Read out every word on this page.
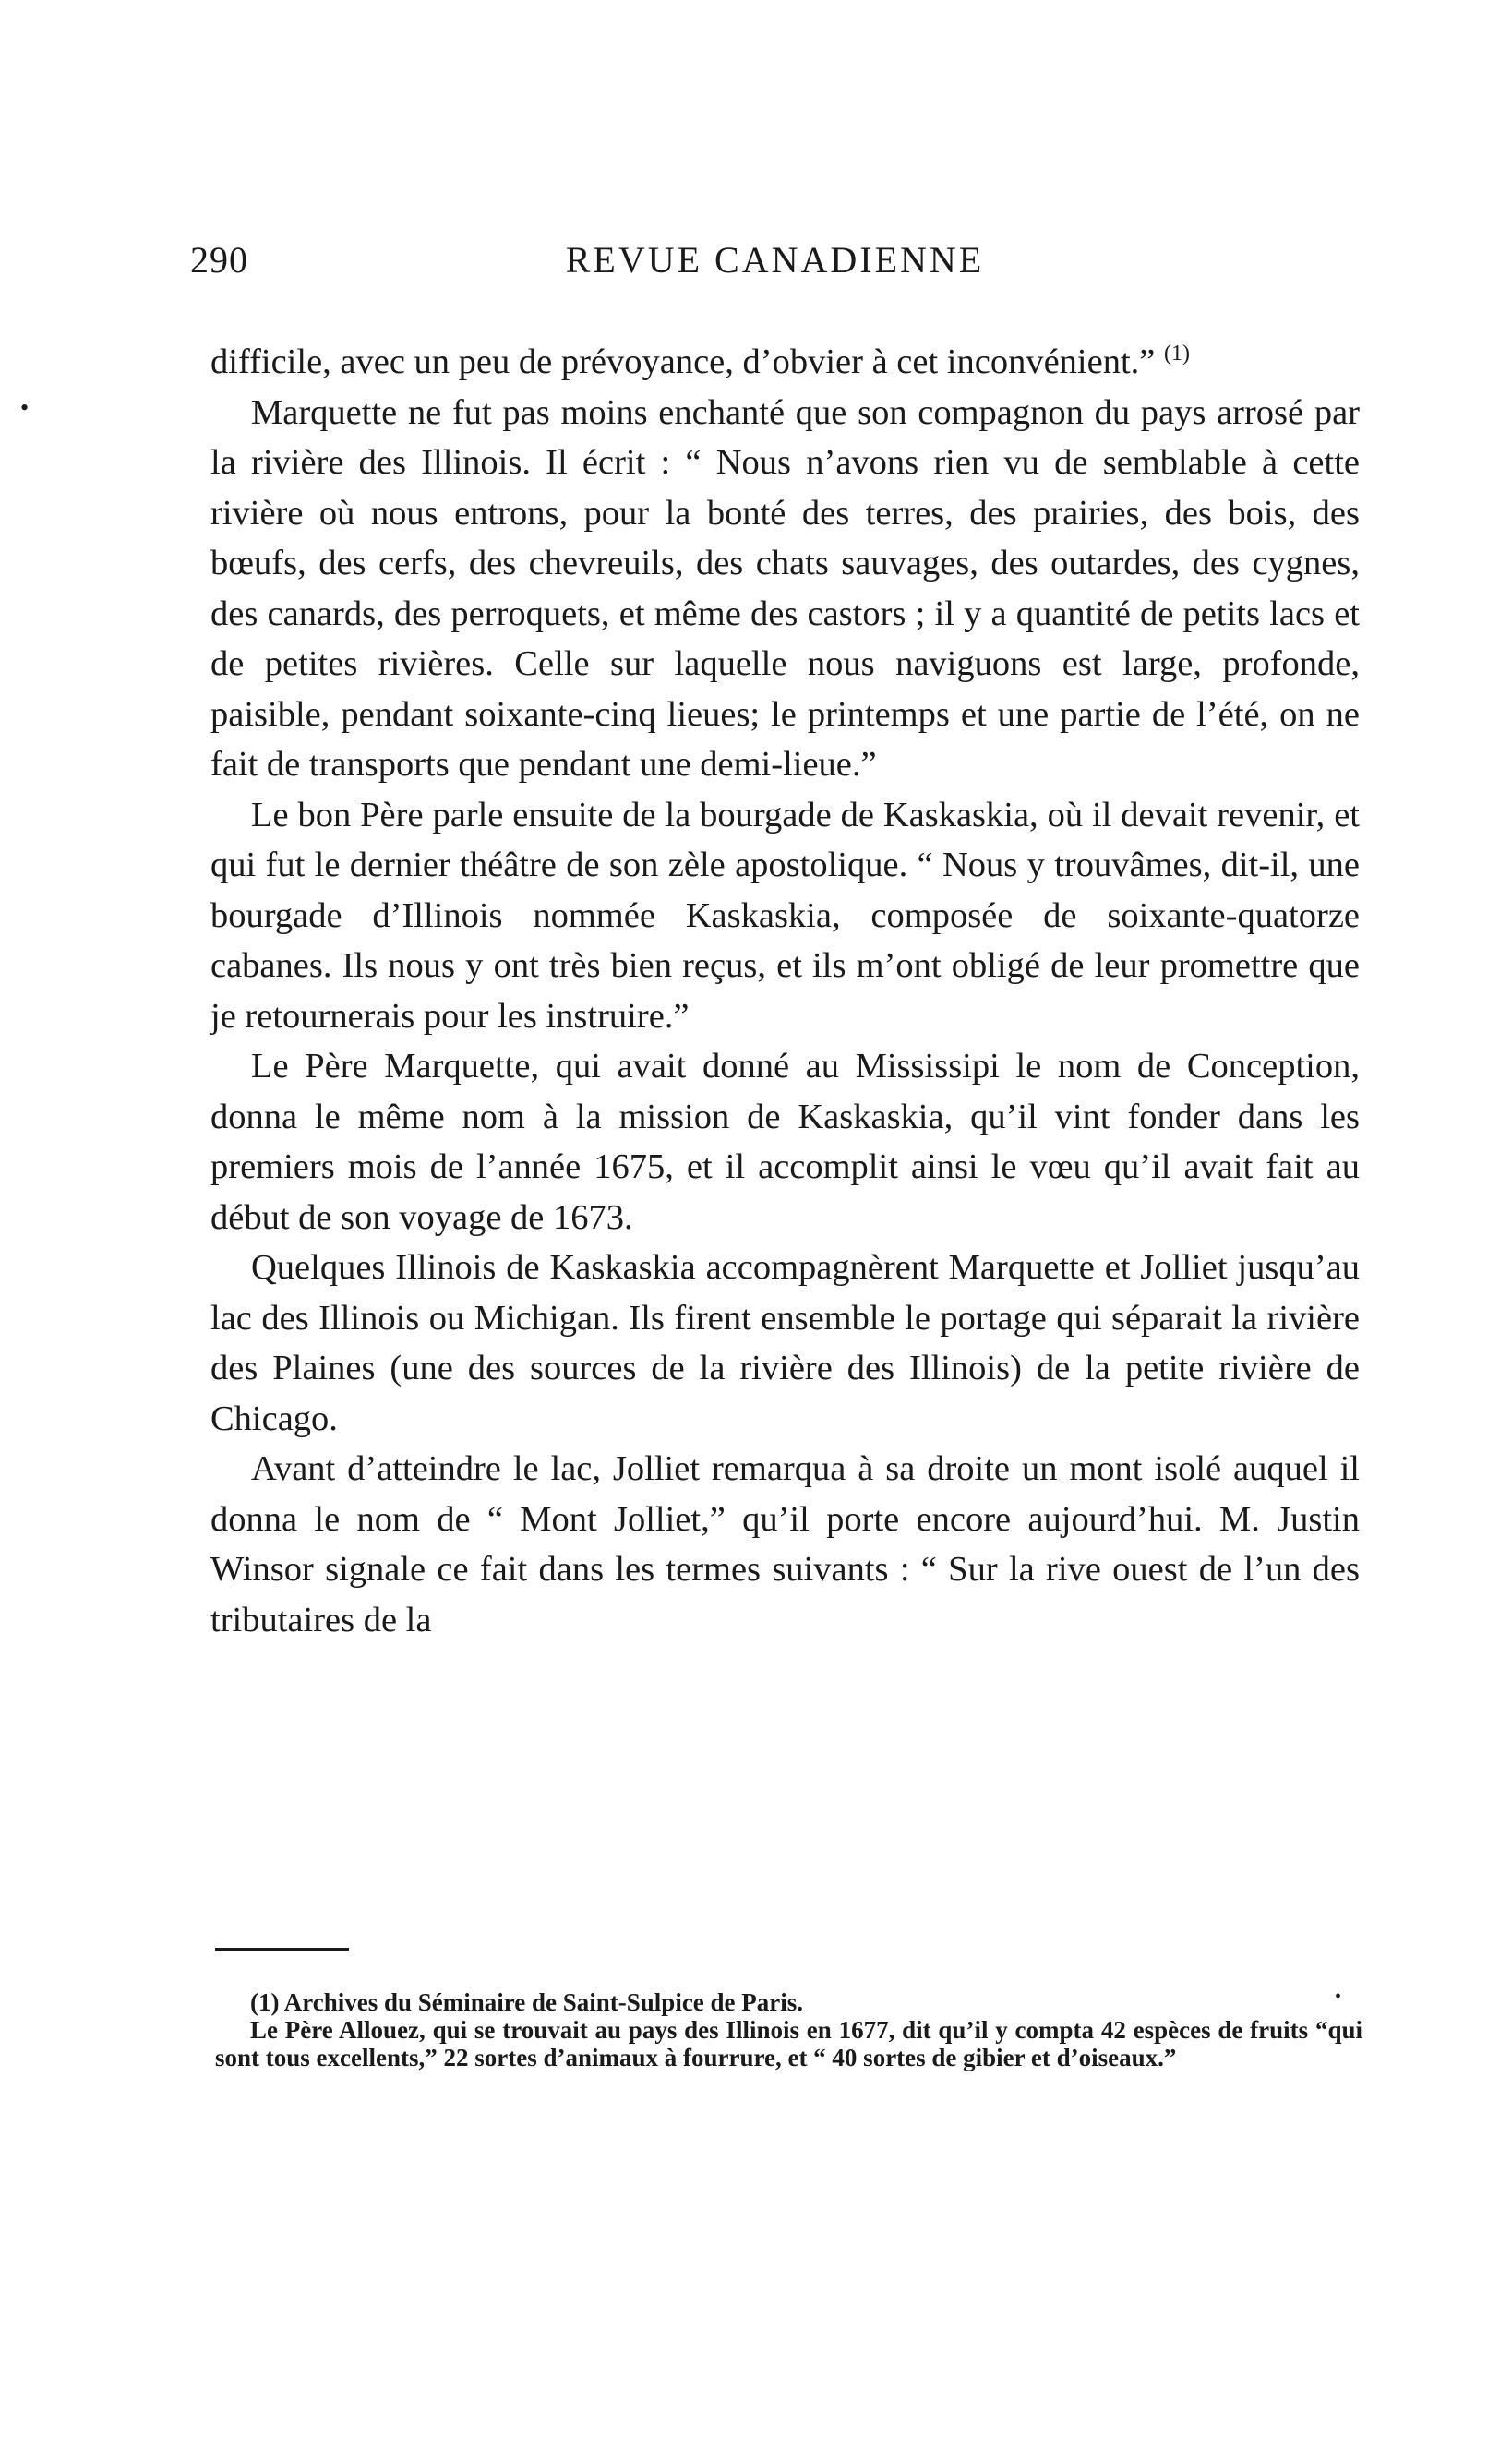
290	REVUE CANADIENNE
•

difficile, avec un peu de prévoyance, d’obvier à cet inconvénient.” $^{(1)}$

Marquette ne fut pas moins enchanté que son compagnon du pays arrosé par la rivière des Illinois. Il écrit : “ Nous n’avons rien vu de semblable à cette rivière où nous entrons, pour la bonté des terres, des prairies, des bois, des bœufs, des cerfs, des chevreuils, des chats sauvages, des outardes, des cygnes, des canards, des perroquets, et même des castors ; il y a quantité de petits lacs et de petites rivières. Celle sur laquelle nous naviguons est large, profonde, paisible, pendant soixante-cinq lieues; le printemps et une partie de l’été, on ne fait de transports que pendant une demi-lieue.”

Le bon Père parle ensuite de la bourgade de Kaskaskia, où il devait revenir, et qui fut le dernier théâtre de son zèle apostolique. “ Nous y trouvâmes, dit-il, une bourgade d’Illinois nommée Kaskaskia, composée de soixante-quatorze cabanes. Ils nous y ont très bien reçus, et ils m’ont obligé de leur promettre que je retournerais pour les instruire.”

Le Père Marquette, qui avait donné au Mississipi le nom de Conception, donna le même nom à la mission de Kaskaskia, qu’il vint fonder dans les premiers mois de l’année 1675, et il accomplit ainsi le vœu qu’il avait fait au début de son voyage de 1673.

Quelques Illinois de Kaskaskia accompagnèrent Marquette et Jolliet jusqu’au lac des Illinois ou Michigan. Ils firent ensemble le portage qui séparait la rivière des Plaines (une des sources de la rivière des Illinois) de la petite rivière de Chicago.

Avant d’atteindre le lac, Jolliet remarqua à sa droite un mont isolé auquel il donna le nom de “ Mont Jolliet,” qu’il porte encore aujourd’hui. M. Justin Winsor signale ce fait dans les termes suivants : “ Sur la rive ouest de l’un des tributaires de la

(1) Archives du Séminaire de Saint-Sulpice de Paris.

Le Père Allouez, qui se trouvait au pays des Illinois en 1677, dit qu’il y compta 42 espèces de fruits “qui sont tous excellents,” 22 sortes d’animaux à fourrure, et “ 40 sortes de gibier et d’oiseaux.”

•
